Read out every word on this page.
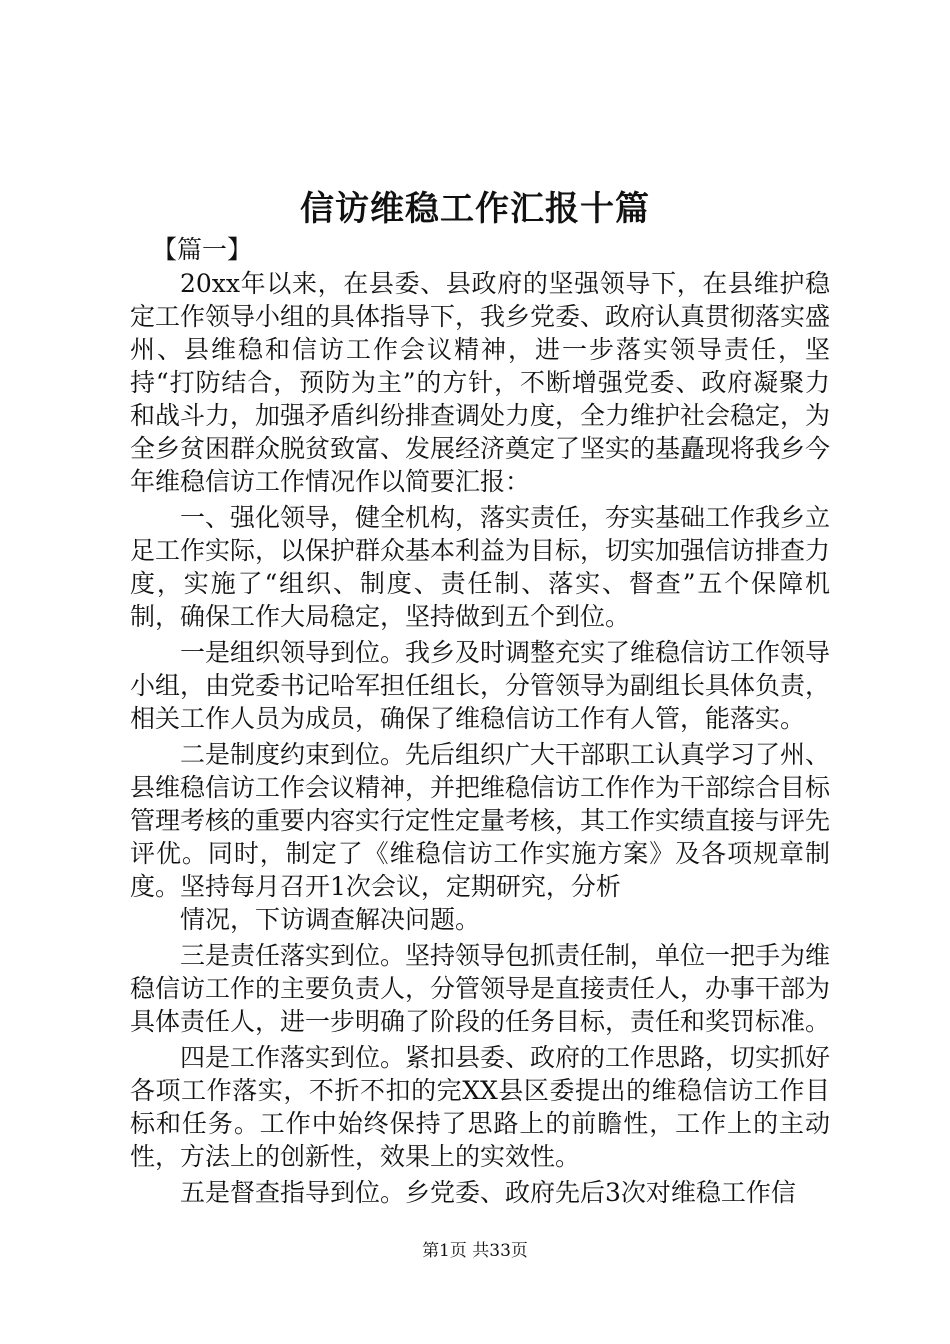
信访维稳工作汇报十篇

【篇一】

20xx年以来，在县委、县政府的坚强领导下，在县维护稳定工作领导小组的具体指导下，我乡党委、政府认真贯彻落实盛州、县维稳和信访工作会议精神，进一步落实领导责任，坚持“打防结合，预防为主”的方针，不断增强党委、政府凝聚力和战斗力，加强矛盾纠纷排查调处力度，全力维护社会稳定，为全乡贫困群众脱贫致富、发展经济奠定了坚实的基矗现将我乡今年维稳信访工作情况作以简要汇报：

一、强化领导，健全机构，落实责任，夯实基础工作我乡立足工作实际，以保护群众基本利益为目标，切实加强信访排查力度，实施了“组织、制度、责任制、落实、督查”五个保障机制，确保工作大局稳定，坚持做到五个到位。

一是组织领导到位。我乡及时调整充实了维稳信访工作领导小组，由党委书记哈军担任组长，分管领导为副组长具体负责，相关工作人员为成员，确保了维稳信访工作有人管，能落实。

二是制度约束到位。先后组织广大干部职工认真学习了州、县维稳信访工作会议精神，并把维稳信访工作作为干部综合目标管理考核的重要内容实行定性定量考核，其工作实绩直接与评先评优。同时，制定了《维稳信访工作实施方案》及各项规章制度。坚持每月召开1次会议，定期研究，分析

情况，下访调查解决问题。

三是责任落实到位。坚持领导包抓责任制，单位一把手为维稳信访工作的主要负责人，分管领导是直接责任人，办事干部为具体责任人，进一步明确了阶段的任务目标，责任和奖罚标准。

四是工作落实到位。紧扣县委、政府的工作思路，切实抓好各项工作落实，不折不扣的完XX县区委提出的维稳信访工作目标和任务。工作中始终保持了思路上的前瞻性，工作上的主动性，方法上的创新性，效果上的实效性。

五是督查指导到位。乡党委、政府先后3次对维稳工作信

第1页 共33页
